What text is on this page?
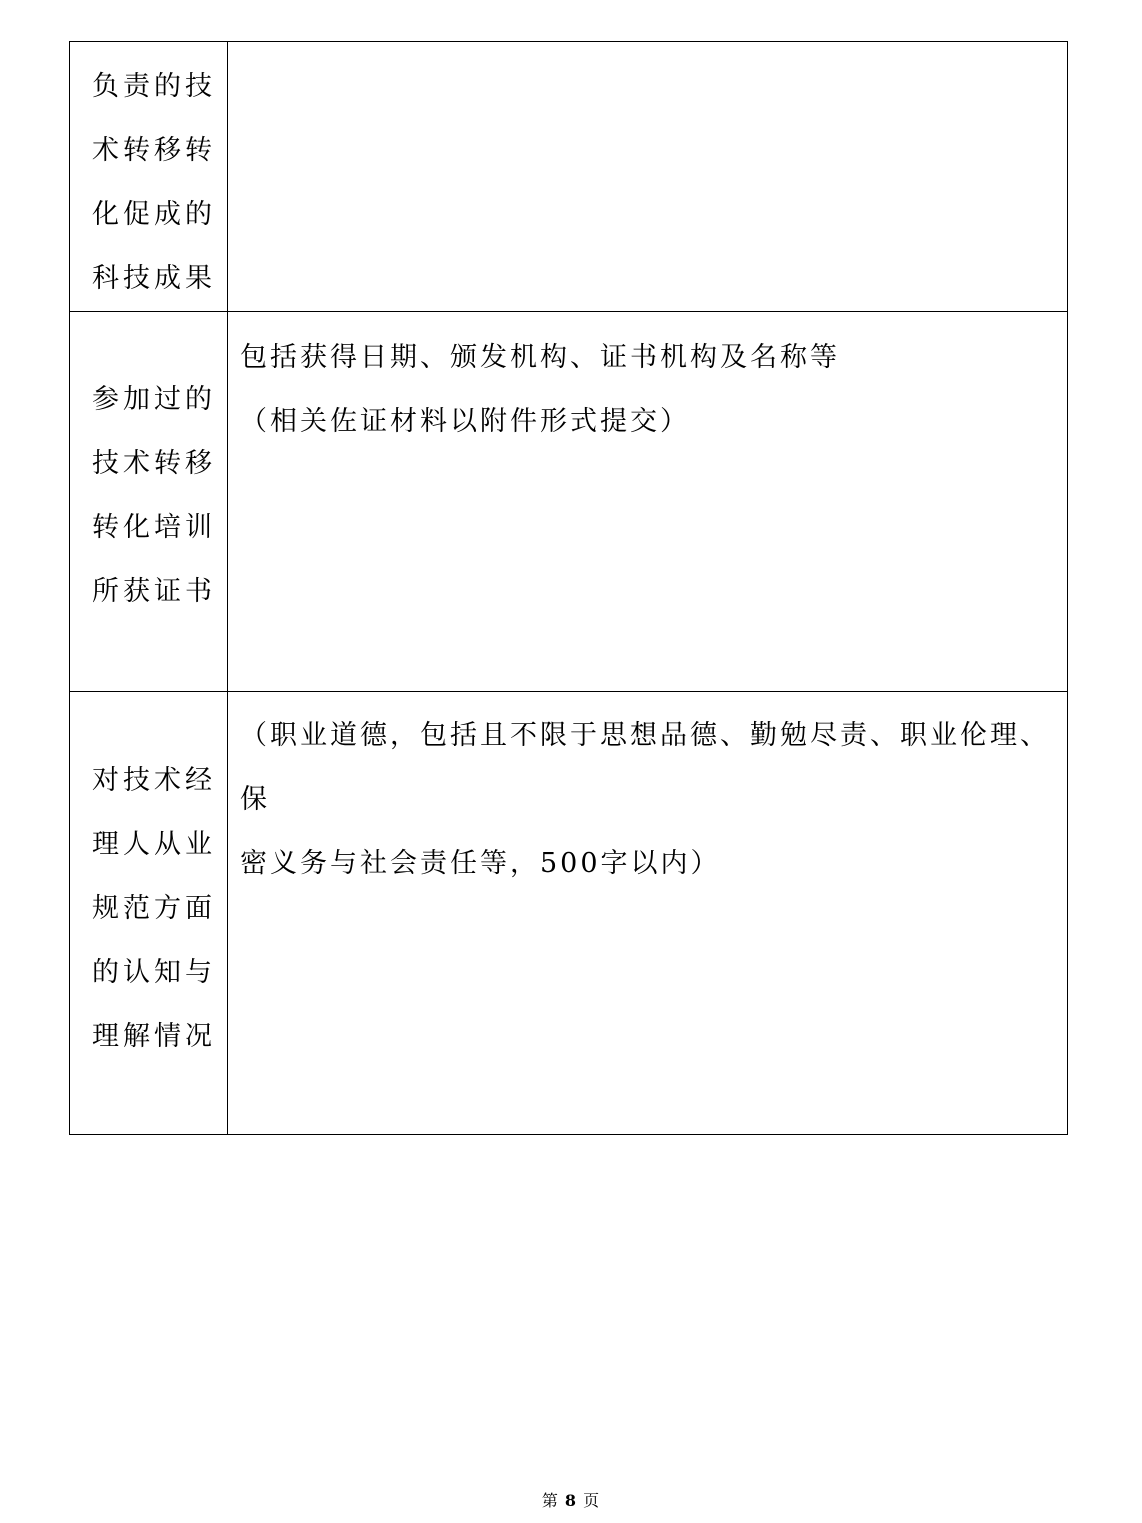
负责的技
术转移转
化促成的
科技成果	

参加过的
技术转移
转化培训
所获证书	包括获得日期、颁发机构、证书机构及名称等
（相关佐证材料以附件形式提交）

对技术经
理人从业
规范方面
的认知与
理解情况	（职业道德，包括且不限于思想品德、勤勉尽责、职业伦理、保
密义务与社会责任等，500字以内）
第 8 页
